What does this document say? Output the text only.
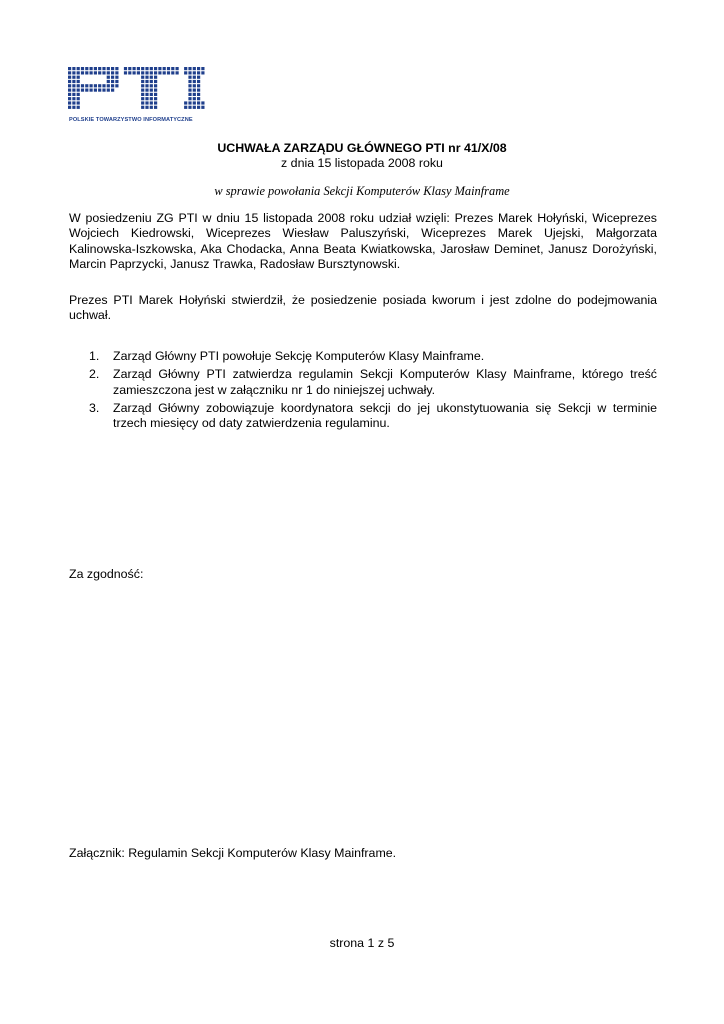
POLSKIE TOWARZYSTWO INFORMATYCZNE
UCHWAŁA ZARZĄDU GŁÓWNEGO PTI nr 41/X/08
z dnia 15 listopada 2008 roku
w sprawie powołania Sekcji Komputerów Klasy Mainframe
W posiedzeniu ZG PTI w dniu 15 listopada 2008 roku udział wzięli: Prezes Marek Hołyński, Wiceprezes Wojciech Kiedrowski, Wiceprezes Wiesław Paluszyński, Wiceprezes Marek Ujejski, Małgorzata Kalinowska-Iszkowska, Aka Chodacka, Anna Beata Kwiatkowska, Jarosław Deminet, Janusz Dorożyński, Marcin Paprzycki, Janusz Trawka, Radosław Bursztynowski.
Prezes PTI Marek Hołyński stwierdził, że posiedzenie posiada kworum i jest zdolne do podejmowania uchwał.
1. Zarząd Główny PTI powołuje Sekcję Komputerów Klasy Mainframe.
2. Zarząd Główny PTI zatwierdza regulamin Sekcji Komputerów Klasy Mainframe, którego treść zamieszczona jest w załączniku nr 1 do niniejszej uchwały.
3. Zarząd Główny zobowiązuje koordynatora sekcji do jej ukonstytuowania się Sekcji w terminie trzech miesięcy od daty zatwierdzenia regulaminu.
Za zgodność:
Załącznik: Regulamin Sekcji Komputerów Klasy Mainframe.
strona 1 z 5
